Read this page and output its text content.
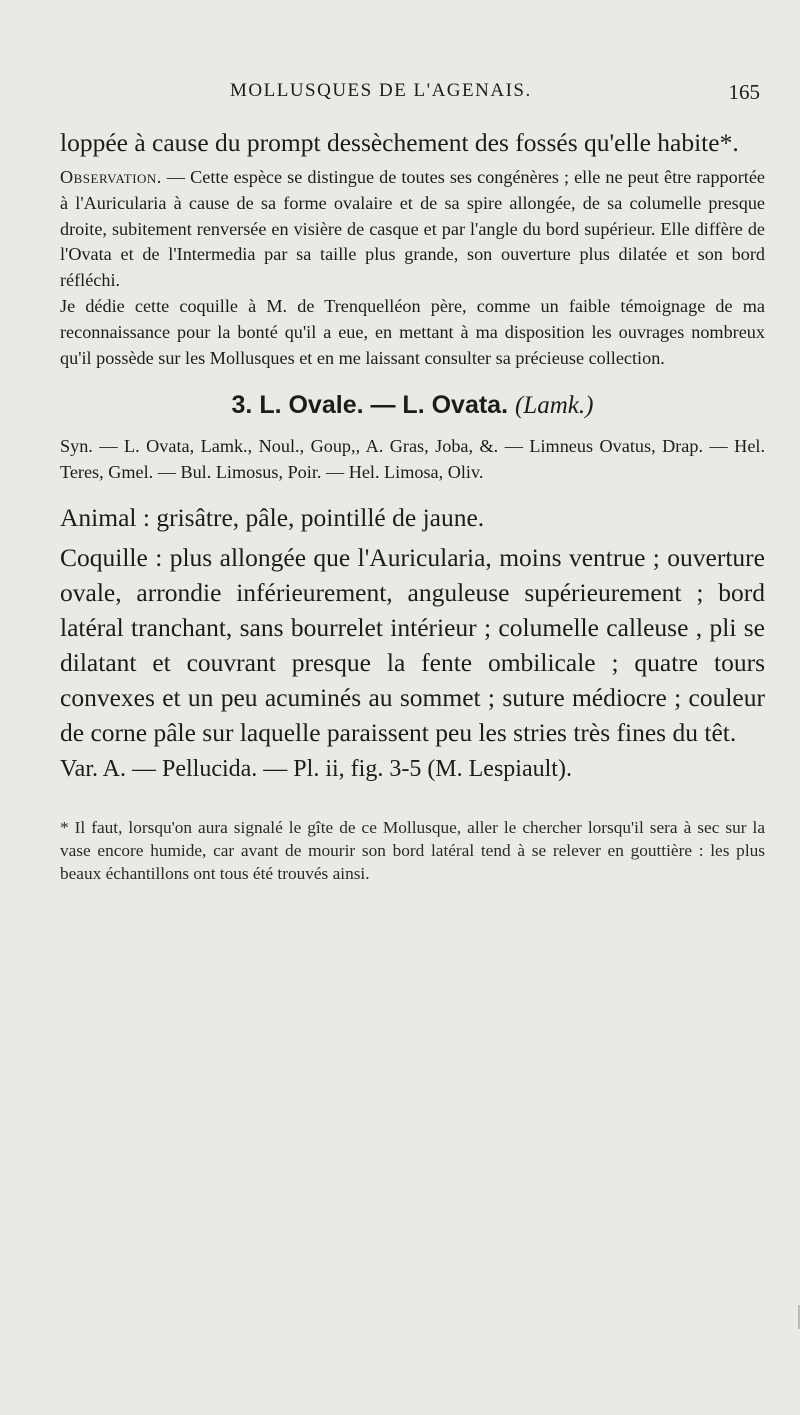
MOLLUSQUES DE L'AGENAIS.	165

loppée à cause du prompt dessèchement des fossés qu'elle habite*.

Observation. — Cette espèce se distingue de toutes ses congénères ; elle ne peut être rapportée à l'Auricularia à cause de sa forme ovalaire et de sa spire allongée, de sa columelle presque droite, subitement renversée en visière de casque et par l'angle du bord supérieur. Elle diffère de l'Ovata et de l'Intermedia par sa taille plus grande, son ouverture plus dilatée et son bord réfléchi.

Je dédie cette coquille à M. de Trenquelléon père, comme un faible témoignage de ma reconnaissance pour la bonté qu'il a eue, en mettant à ma disposition les ouvrages nombreux qu'il possède sur les Mollusques et en me laissant consulter sa précieuse collection.

3. L. Ovale. — L. Ovata. (Lamk.)

Syn. — L. Ovata, Lamk., Noul., Goup,, A. Gras, Joba, &. — Limneus Ovatus, Drap. — Hel. Teres, Gmel. — Bul. Limosus, Poir. — Hel. Limosa, Oliv.

Animal : grisâtre, pâle, pointillé de jaune.

Coquille : plus allongée que l'Auricularia, moins ventrue ; ouverture ovale, arrondie inférieurement, anguleuse supérieurement ; bord latéral tranchant, sans bourrelet intérieur ; columelle calleuse , pli se dilatant et couvrant presque la fente ombilicale ; quatre tours convexes et un peu acuminés au sommet ; suture médiocre ; couleur de corne pâle sur laquelle paraissent peu les stries très fines du têt.

Var. A. — Pellucida. — Pl. ii, fig. 3-5 (M. Lespiault).

* Il faut, lorsqu'on aura signalé le gîte de ce Mollusque, aller le chercher lorsqu'il sera à sec sur la vase encore humide, car avant de mourir son bord latéral tend à se relever en gouttière : les plus beaux échantillons ont tous été trouvés ainsi.
